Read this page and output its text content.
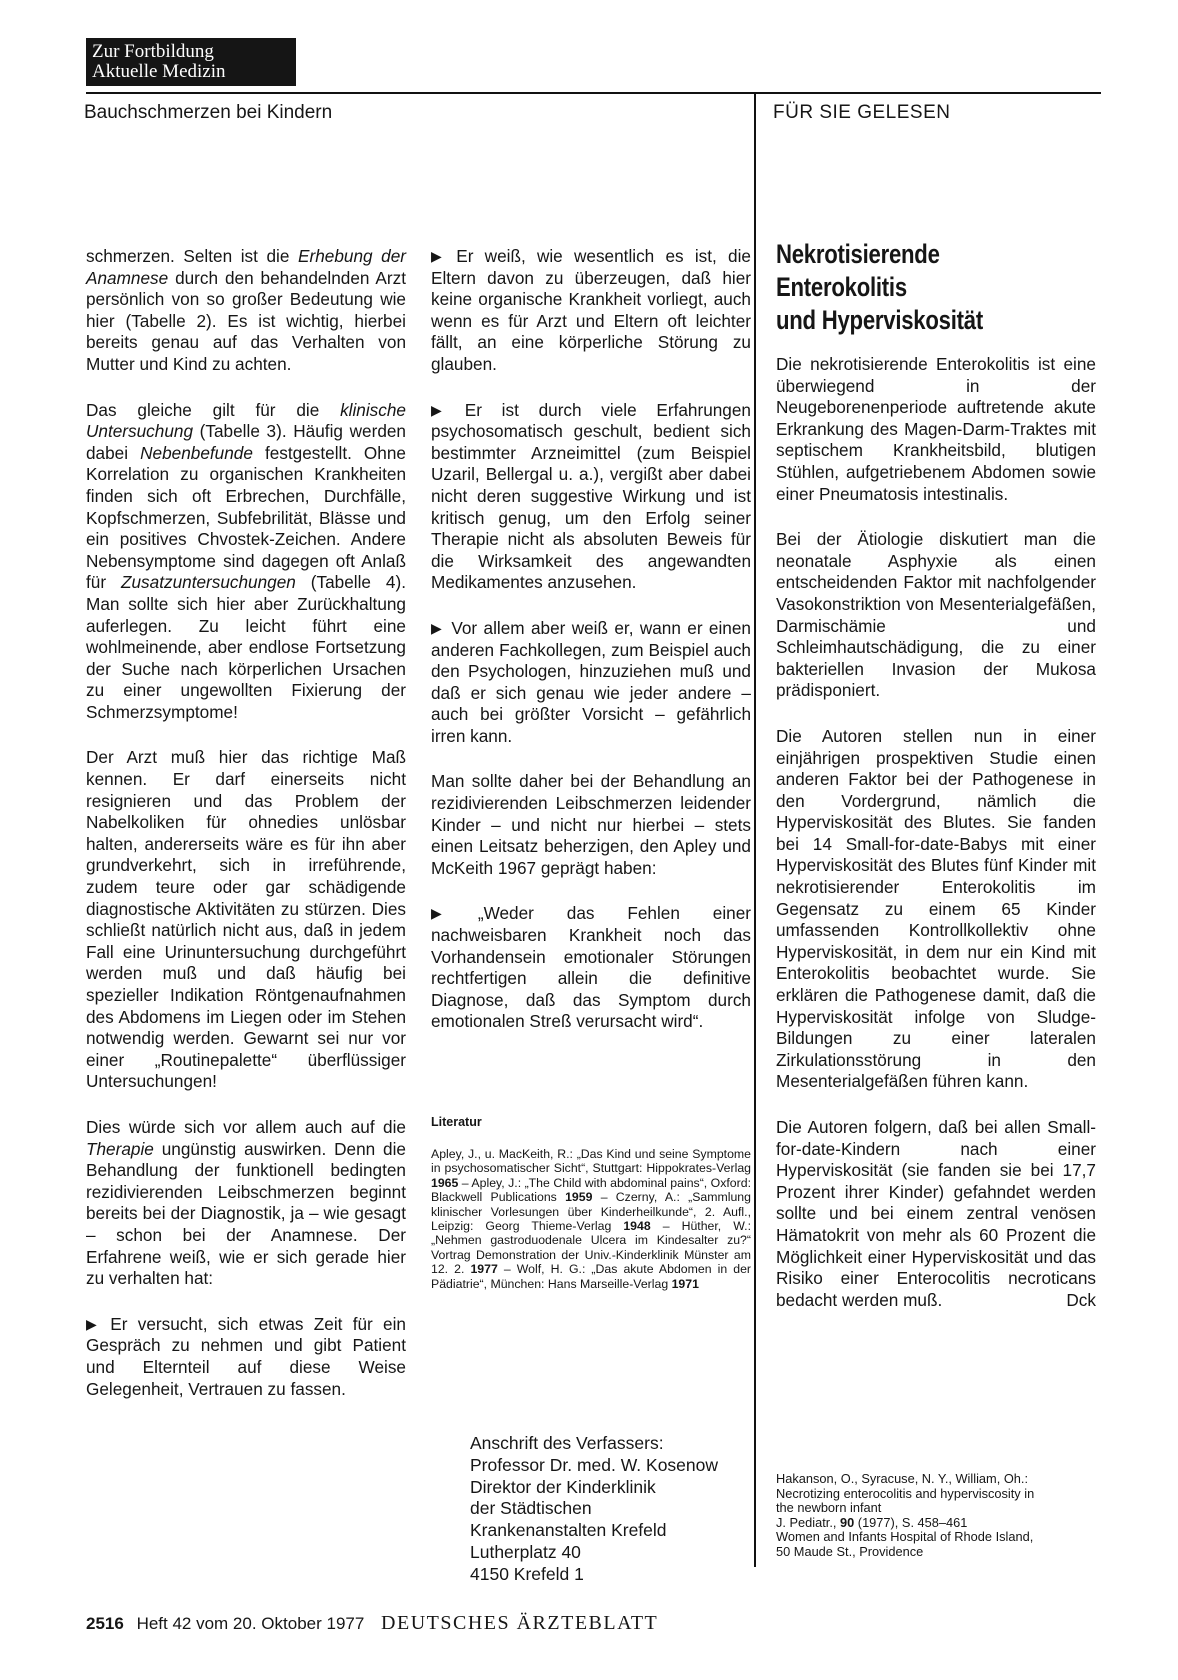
Zur Fortbildung
Aktuelle Medizin
Bauchschmerzen bei Kindern	FÜR SIE GELESEN

schmerzen. Selten ist die Erhebung der Anamnese durch den behandelnden Arzt persönlich von so großer Bedeutung wie hier (Tabelle 2). Es ist wichtig, hierbei bereits genau auf das Verhalten von Mutter und Kind zu achten.

Das gleiche gilt für die klinische Untersuchung (Tabelle 3). Häufig werden dabei Nebenbefunde festgestellt. Ohne Korrelation zu organischen Krankheiten finden sich oft Erbrechen, Durchfälle, Kopfschmerzen, Subfebrilität, Blässe und ein positives Chvostek-Zeichen. Andere Nebensymptome sind dagegen oft Anlaß für Zusatzuntersuchungen (Tabelle 4). Man sollte sich hier aber Zurückhaltung auferlegen. Zu leicht führt eine wohlmeinende, aber endlose Fortsetzung der Suche nach körperlichen Ursachen zu einer ungewollten Fixierung der Schmerzsymptome!

Der Arzt muß hier das richtige Maß kennen. Er darf einerseits nicht resignieren und das Problem der Nabelkoliken für ohnedies unlösbar halten, andererseits wäre es für ihn aber grundverkehrt, sich in irreführende, zudem teure oder gar schädigende diagnostische Aktivitäten zu stürzen. Dies schließt natürlich nicht aus, daß in jedem Fall eine Urinuntersuchung durchgeführt werden muß und daß häufig bei spezieller Indikation Röntgenaufnahmen des Abdomens im Liegen oder im Stehen notwendig werden. Gewarnt sei nur vor einer „Routinepalette“ überflüssiger Untersuchungen!

Dies würde sich vor allem auch auf die Therapie ungünstig auswirken. Denn die Behandlung der funktionell bedingten rezidivierenden Leibschmerzen beginnt bereits bei der Diagnostik, ja – wie gesagt – schon bei der Anamnese. Der Erfahrene weiß, wie er sich gerade hier zu verhalten hat:

▶ Er versucht, sich etwas Zeit für ein Gespräch zu nehmen und gibt Patient und Elternteil auf diese Weise Gelegenheit, Vertrauen zu fassen.

▶ Er weiß, wie wesentlich es ist, die Eltern davon zu überzeugen, daß hier keine organische Krankheit vorliegt, auch wenn es für Arzt und Eltern oft leichter fällt, an eine körperliche Störung zu glauben.

▶ Er ist durch viele Erfahrungen psychosomatisch geschult, bedient sich bestimmter Arzneimittel (zum Beispiel Uzaril, Bellergal u. a.), vergißt aber dabei nicht deren suggestive Wirkung und ist kritisch genug, um den Erfolg seiner Therapie nicht als absoluten Beweis für die Wirksamkeit des angewandten Medikamentes anzusehen.

▶ Vor allem aber weiß er, wann er einen anderen Fachkollegen, zum Beispiel auch den Psychologen, hinzuziehen muß und daß er sich genau wie jeder andere – auch bei größter Vorsicht – gefährlich irren kann.

Man sollte daher bei der Behandlung an rezidivierenden Leibschmerzen leidender Kinder – und nicht nur hierbei – stets einen Leitsatz beherzigen, den Apley und McKeith 1967 geprägt haben:

▶ „Weder das Fehlen einer nachweisbaren Krankheit noch das Vorhandensein emotionaler Störungen rechtfertigen allein die definitive Diagnose, daß das Symptom durch emotionalen Streß verursacht wird“.

Literatur
Apley, J., u. MacKeith, R.: „Das Kind und seine Symptome in psychosomatischer Sicht“, Stuttgart: Hippokrates-Verlag 1965 – Apley, J.: „The Child with abdominal pains“, Oxford: Blackwell Publications 1959 – Czerny, A.: „Sammlung klinischer Vorlesungen über Kinderheilkunde“, 2. Aufl., Leipzig: Georg Thieme-Verlag 1948 – Hüther, W.: „Nehmen gastroduodenale Ulcera im Kindesalter zu?“ Vortrag Demonstration der Univ.-Kinderklinik Münster am 12. 2. 1977 – Wolf, H. G.: „Das akute Abdomen in der Pädiatrie“, München: Hans Marseille-Verlag 1971
Anschrift des Verfassers:
Professor Dr. med. W. Kosenow
Direktor der Kinderklinik
der Städtischen
Krankenanstalten Krefeld
Lutherplatz 40
4150 Krefeld 1
Nekrotisierende
Enterokolitis
und Hyperviskosität

Die nekrotisierende Enterokolitis ist eine überwiegend in der Neugeborenenperiode auftretende akute Erkrankung des Magen-Darm-Traktes mit septischem Krankheitsbild, blutigen Stühlen, aufgetriebenem Abdomen sowie einer Pneumatosis intestinalis.

Bei der Ätiologie diskutiert man die neonatale Asphyxie als einen entscheidenden Faktor mit nachfolgender Vasokonstriktion von Mesenterialgefäßen, Darmischämie und Schleimhautschädigung, die zu einer bakteriellen Invasion der Mukosa prädisponiert.

Die Autoren stellen nun in einer einjährigen prospektiven Studie einen anderen Faktor bei der Pathogenese in den Vordergrund, nämlich die Hyperviskosität des Blutes. Sie fanden bei 14 Small-for-date-Babys mit einer Hyperviskosität des Blutes fünf Kinder mit nekrotisierender Enterokolitis im Gegensatz zu einem 65 Kinder umfassenden Kontrollkollektiv ohne Hyperviskosität, in dem nur ein Kind mit Enterokolitis beobachtet wurde. Sie erklären die Pathogenese damit, daß die Hyperviskosität infolge von Sludge-Bildungen zu einer lateralen Zirkulationsstörung in den Mesenterialgefäßen führen kann.

Die Autoren folgern, daß bei allen Small-for-date-Kindern nach einer Hyperviskosität (sie fanden sie bei 17,7 Prozent ihrer Kinder) gefahndet werden sollte und bei einem zentral venösen Hämatokrit von mehr als 60 Prozent die Möglichkeit einer Hyperviskosität und das Risiko einer Enterocolitis necroticans bedacht werden muß.	Dck

Hakanson, O., Syracuse, N. Y., William, Oh.:
Necrotizing enterocolitis and hyperviscosity in
the newborn infant
J. Pediatr., 90 (1977), S. 458–461
Women and Infants Hospital of Rhode Island,
50 Maude St., Providence
2516 Heft 42 vom 20. Oktober 1977 DEUTSCHES ÄRZTEBLATT
